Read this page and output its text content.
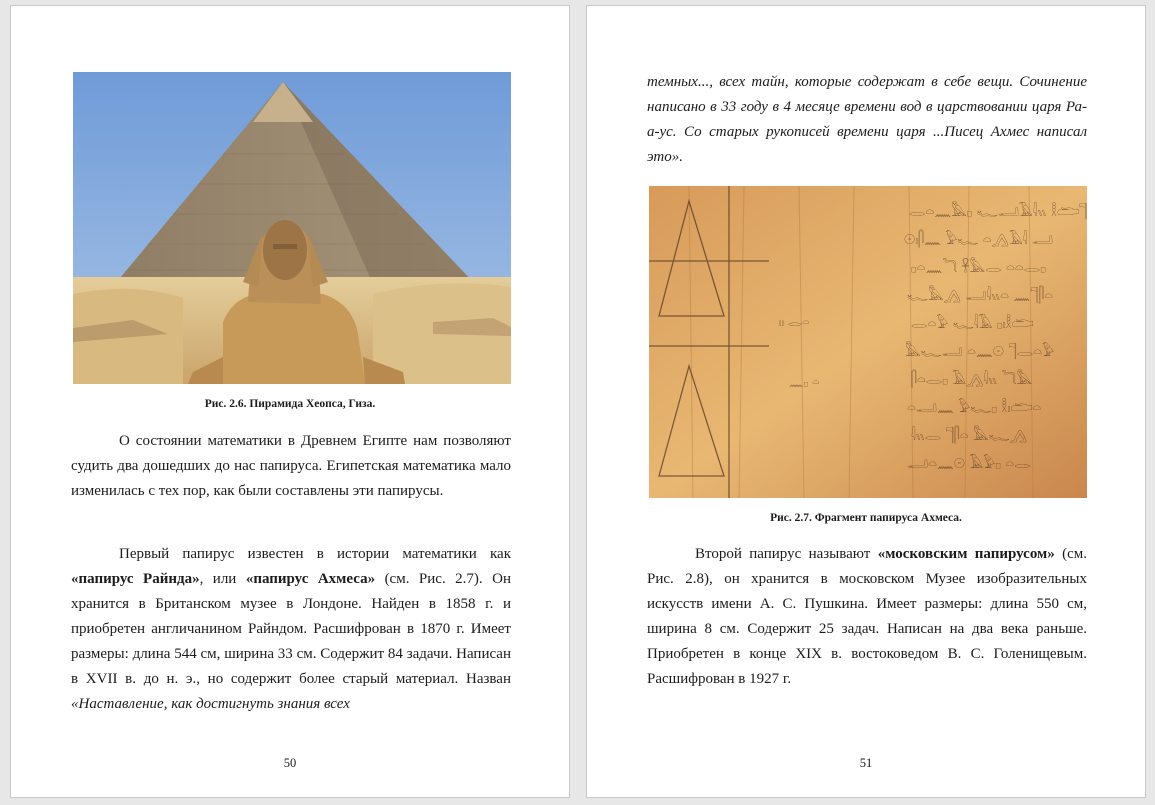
Рис. 2.6. Пирамида Хеопса, Гиза.

О состоянии математики в Древнем Египте нам позволяют судить два дошедших до нас папируса. Египетская математика мало изменилась с тех пор, как были составлены эти папирусы.

Первый папирус известен в истории математики как «папирус Райнда», или «папирус Ахмеса» (см. Рис. 2.7). Он хранится в Британском музее в Лондоне. Найден в 1858 г. и приобретен англичанином Райндом. Расшифрован в 1870 г. Имеет размеры: длина 544 см, ширина 33 см. Содержит 84 задачи. Написан в XVII в. до н. э., но содержит более старый материал. Назван «Наставление, как достигнуть знания всех

50

темных..., всех тайн, которые содержат в себе вещи. Сочинение написано в 33 году в 4 месяце времени вод в царствовании царя Ра-а-ус. Со старых рукописей времени царя ...Писец Ахмес написал это».

𓂋𓏏𓈖𓅓𓊪 𓆑𓂝𓄿𓇋𓏭 𓎛𓂧𓊹
𓇳𓏤𓋴𓈖 𓅱𓆑 𓏏𓂻𓄿𓇋 𓂝
𓊪𓏏𓈖𓆓 𓋹𓅓𓂋 𓏏𓏏𓂋𓊪
𓆑𓅓𓂻 𓂝𓇋𓏭𓏏 𓈖𓊹𓋴𓏏
𓂋𓏏𓅱 𓆑𓇋𓄿 𓊪𓏤𓎛𓂧
𓅓𓆑𓂝 𓏏𓈖𓇳 𓊹𓂋𓏏𓅱
𓋴𓏏𓂋𓊪 𓄿𓂻𓇋𓏭 𓆓𓅓
𓏏𓂝𓈖 𓅱𓆑𓊪 𓎛𓏤𓂧𓏏
𓇋𓏭𓂋 𓊹𓋴𓏏 𓅓𓆑𓂻
𓂝𓏏𓈖𓇳 𓄿𓅱𓊪 𓏏𓂋
𓏤𓏤 𓂋𓏏
𓈖𓊪 𓏏
Рис. 2.7. Фрагмент папируса Ахмеса.

Второй папирус называют «московским папирусом» (см. Рис. 2.8), он хранится в московском Музее изобразительных искусств имени А. С. Пушкина. Имеет размеры: длина 550 см, ширина 8 см. Содержит 25 задач. Написан на два века раньше. Приобретен в конце XIX в. востоковедом В. С. Голенищевым. Расшифрован в 1927 г.

51
